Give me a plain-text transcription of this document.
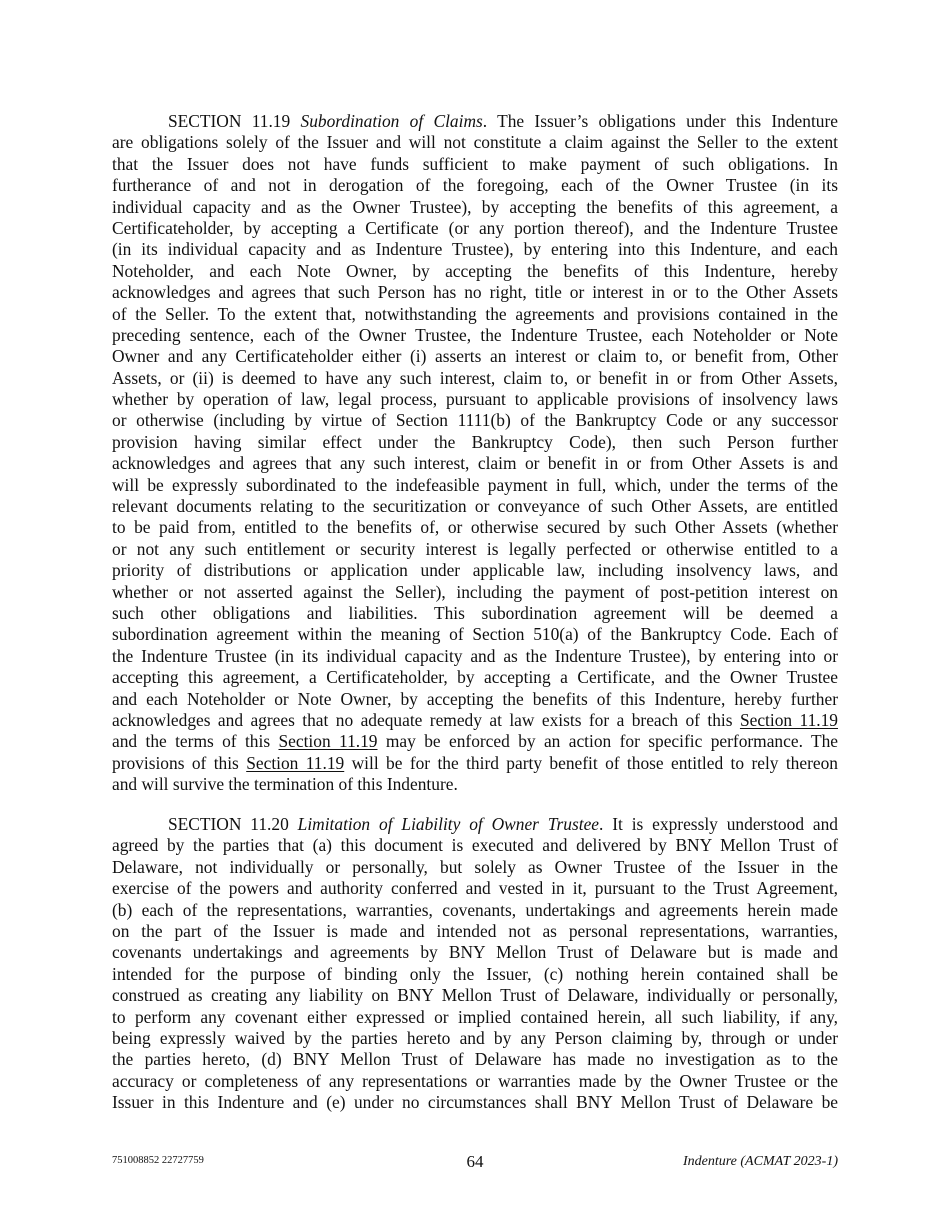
SECTION 11.19 Subordination of Claims. The Issuer’s obligations under this Indenture
are obligations solely of the Issuer and will not constitute a claim against the Seller to the extent
that the Issuer does not have funds sufficient to make payment of such obligations. In
furtherance of and not in derogation of the foregoing, each of the Owner Trustee (in its
individual capacity and as the Owner Trustee), by accepting the benefits of this agreement, a
Certificateholder, by accepting a Certificate (or any portion thereof), and the Indenture Trustee
(in its individual capacity and as Indenture Trustee), by entering into this Indenture, and each
Noteholder, and each Note Owner, by accepting the benefits of this Indenture, hereby
acknowledges and agrees that such Person has no right, title or interest in or to the Other Assets
of the Seller. To the extent that, notwithstanding the agreements and provisions contained in the
preceding sentence, each of the Owner Trustee, the Indenture Trustee, each Noteholder or Note
Owner and any Certificateholder either (i) asserts an interest or claim to, or benefit from, Other
Assets, or (ii) is deemed to have any such interest, claim to, or benefit in or from Other Assets,
whether by operation of law, legal process, pursuant to applicable provisions of insolvency laws
or otherwise (including by virtue of Section 1111(b) of the Bankruptcy Code or any successor
provision having similar effect under the Bankruptcy Code), then such Person further
acknowledges and agrees that any such interest, claim or benefit in or from Other Assets is and
will be expressly subordinated to the indefeasible payment in full, which, under the terms of the
relevant documents relating to the securitization or conveyance of such Other Assets, are entitled
to be paid from, entitled to the benefits of, or otherwise secured by such Other Assets (whether
or not any such entitlement or security interest is legally perfected or otherwise entitled to a
priority of distributions or application under applicable law, including insolvency laws, and
whether or not asserted against the Seller), including the payment of post-petition interest on
such other obligations and liabilities. This subordination agreement will be deemed a
subordination agreement within the meaning of Section 510(a) of the Bankruptcy Code. Each of
the Indenture Trustee (in its individual capacity and as the Indenture Trustee), by entering into or
accepting this agreement, a Certificateholder, by accepting a Certificate, and the Owner Trustee
and each Noteholder or Note Owner, by accepting the benefits of this Indenture, hereby further
acknowledges and agrees that no adequate remedy at law exists for a breach of this Section 11.19
and the terms of this Section 11.19 may be enforced by an action for specific performance. The
provisions of this Section 11.19 will be for the third party benefit of those entitled to rely thereon
and will survive the termination of this Indenture.
SECTION 11.20 Limitation of Liability of Owner Trustee. It is expressly understood and
agreed by the parties that (a) this document is executed and delivered by BNY Mellon Trust of
Delaware, not individually or personally, but solely as Owner Trustee of the Issuer in the
exercise of the powers and authority conferred and vested in it, pursuant to the Trust Agreement,
(b) each of the representations, warranties, covenants, undertakings and agreements herein made
on the part of the Issuer is made and intended not as personal representations, warranties,
covenants undertakings and agreements by BNY Mellon Trust of Delaware but is made and
intended for the purpose of binding only the Issuer, (c) nothing herein contained shall be
construed as creating any liability on BNY Mellon Trust of Delaware, individually or personally,
to perform any covenant either expressed or implied contained herein, all such liability, if any,
being expressly waived by the parties hereto and by any Person claiming by, through or under
the parties hereto, (d) BNY Mellon Trust of Delaware has made no investigation as to the
accuracy or completeness of any representations or warranties made by the Owner Trustee or the
Issuer in this Indenture and (e) under no circumstances shall BNY Mellon Trust of Delaware be
751008852 22727759	64	Indenture (ACMAT 2023-1)
